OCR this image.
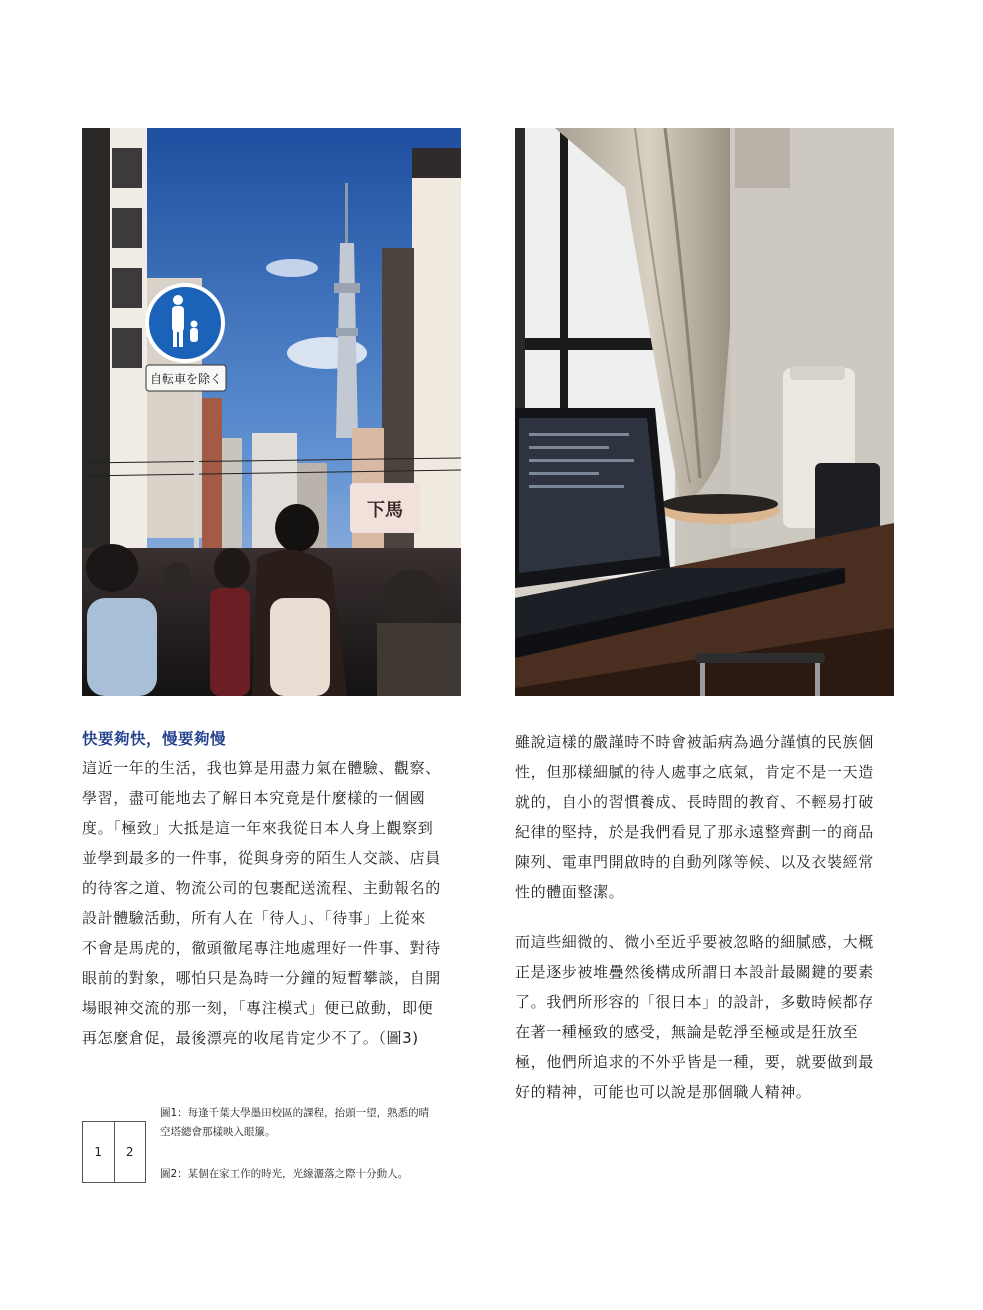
自転車を除く
下馬
快要夠快，慢要夠慢
這近一年的生活，我也算是用盡力氣在體驗、觀察、
學習，盡可能地去了解日本究竟是什麼樣的一個國
度。「極致」大抵是這一年來我從日本人身上觀察到
並學到最多的一件事，從與身旁的陌生人交談、店員
的待客之道、物流公司的包裹配送流程、主動報名的
設計體驗活動，所有人在「待人」、「待事」上從來
不會是馬虎的，徹頭徹尾專注地處理好一件事、對待
眼前的對象，哪怕只是為時一分鐘的短暫攀談，自開
場眼神交流的那一刻，「專注模式」便已啟動，即便
再怎麼倉促，最後漂亮的收尾肯定少不了。（圖3)
雖說這樣的嚴謹時不時會被詬病為過分謹慎的民族個
性，但那樣細膩的待人處事之底氣，肯定不是一天造
就的，自小的習慣養成、長時間的教育、不輕易打破
紀律的堅持，於是我們看見了那永遠整齊劃一的商品
陳列、電車門開啟時的自動列隊等候、以及衣裝經常
性的體面整潔。
而這些細微的、微小至近乎要被忽略的細膩感，大概
正是逐步被堆疊然後構成所謂日本設計最關鍵的要素
了。我們所形容的「很日本」的設計，多數時候都存
在著一種極致的感受，無論是乾淨至極或是狂放至
極，他們所追求的不外乎皆是一種，要，就要做到最
好的精神，可能也可以說是那個職人精神。
1	2
圖1：每逢千葉大學墨田校區的課程，抬頭一望，熟悉的晴
空塔總會那樣映入眼簾。
圖2：某個在家工作的時光，光線灑落之際十分動人。
